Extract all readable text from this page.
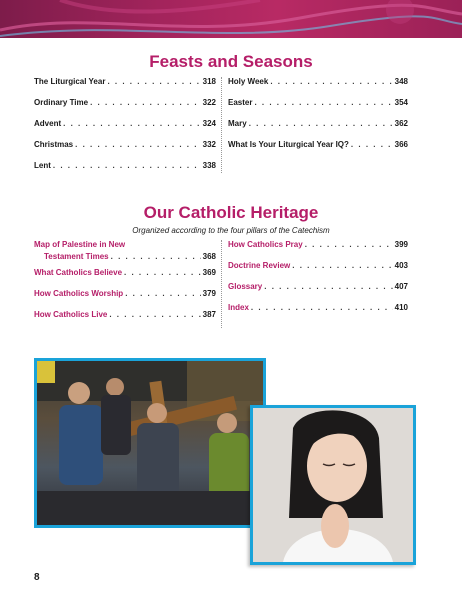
Feasts and Seasons
The Liturgical Year . . .	318
Ordinary Time . . .	322
Advent . . .	324
Christmas . . .	332
Lent . . .	338
Holy Week . . .	348
Easter . . .	354
Mary . . .	362
What Is Your Liturgical Year IQ? . . .	366
Our Catholic Heritage
Organized according to the four pillars of the Catechism
Map of Palestine in New
Testament Times . . .	368
What Catholics Believe . . .	369
How Catholics Worship . . .	379
How Catholics Live . . .	387
How Catholics Pray . . .	399
Doctrine Review . . .	403
Glossary . . .	407
Index . . .	410
8
